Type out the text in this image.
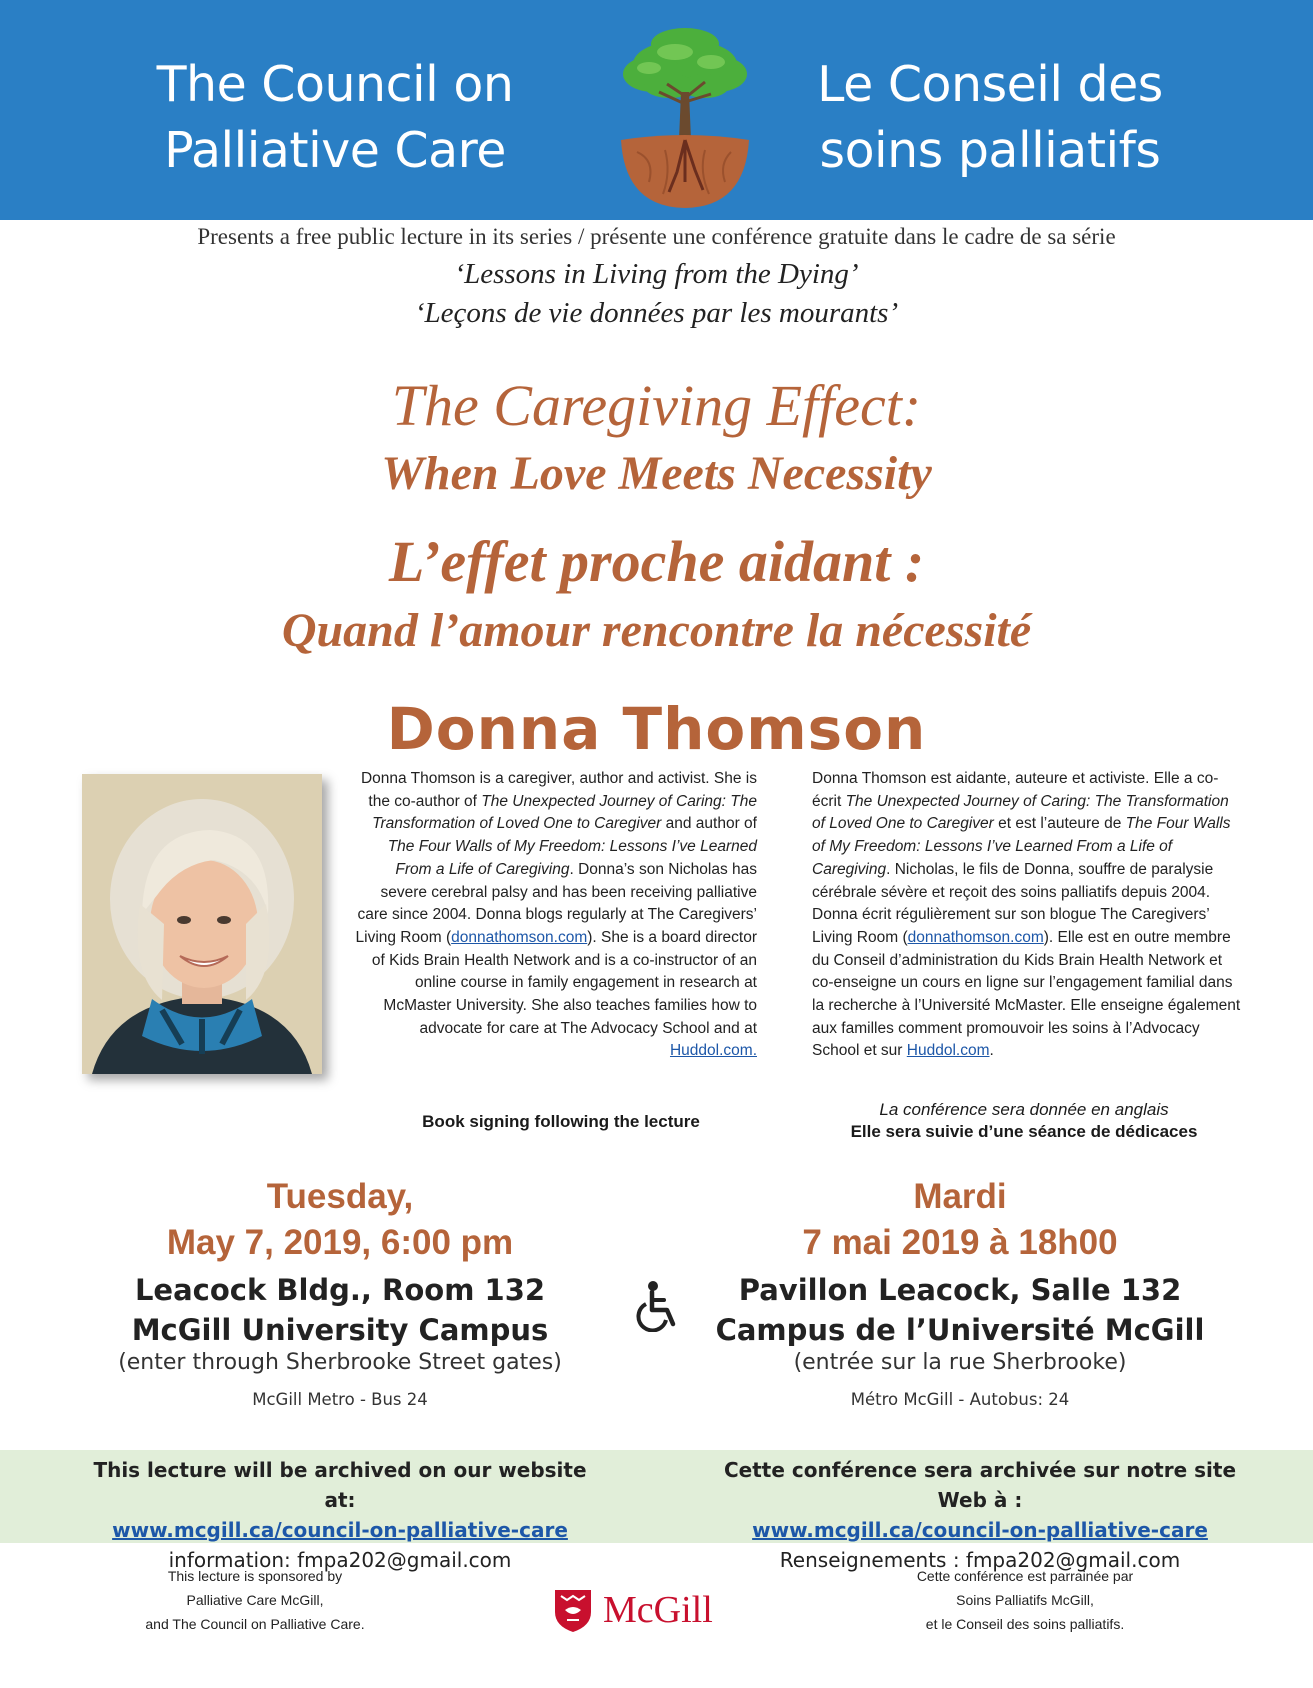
The Council on
Palliative Care
Le Conseil des
soins palliatifs
Presents a free public lecture in its series / présente une conférence gratuite dans le cadre de sa série
‘Lessons in Living from the Dying’
‘Leçons de vie données par les mourants’
The Caregiving Effect:
When Love Meets Necessity
L’effet proche aidant :
Quand l’amour rencontre la nécessité
Donna Thomson

Donna Thomson is a caregiver, author and activist. She is the co-author of The Unexpected Journey of Caring: The Transformation of Loved One to Caregiver and author of The Four Walls of My Freedom: Lessons I’ve Learned From a Life of Caregiving. Donna’s son Nicholas has severe cerebral palsy and has been receiving palliative care since 2004. Donna blogs regularly at The Caregivers’ Living Room (donnathomson.com). She is a board director of Kids Brain Health Network and is a co-instructor of an online course in family engagement in research at McMaster University. She also teaches families how to advocate for care at The Advocacy School and at Huddol.com.

Donna Thomson est aidante, auteure et activiste. Elle a co-écrit The Unexpected Journey of Caring: The Transformation of Loved One to Caregiver et est l’auteure de The Four Walls of My Freedom: Lessons I’ve Learned From a Life of Caregiving. Nicholas, le fils de Donna, souffre de paralysie cérébrale sévère et reçoit des soins palliatifs depuis 2004. Donna écrit régulièrement sur son blogue The Caregivers’ Living Room (donnathomson.com). Elle est en outre membre du Conseil d’administration du Kids Brain Health Network et co-enseigne un cours en ligne sur l’engagement familial dans la recherche à l’Université McMaster. Elle enseigne également aux familles comment promouvoir les soins à l’Advocacy School et sur Huddol.com.

Book signing following the lecture
La conférence sera donnée en anglais
Elle sera suivie d’une séance de dédicaces
Tuesday,
May 7, 2019, 6:00 pm
Mardi
7 mai 2019 à 18h00
Leacock Bldg., Room 132
McGill University Campus
Pavillon Leacock, Salle 132
Campus de l’Université McGill
(enter through Sherbrooke Street gates)	(entrée sur la rue Sherbrooke)
McGill Metro - Bus 24	Métro McGill - Autobus: 24
This lecture will be archived on our website at:
www.mcgill.ca/council-on-palliative-care
information: fmpa202@gmail.com
Cette conférence sera archivée sur notre site Web à :
www.mcgill.ca/council-on-palliative-care
Renseignements : fmpa202@gmail.com
This lecture is sponsored by
Palliative Care McGill,
and The Council on Palliative Care.
Cette conférence est parrainée par
Soins Palliatifs McGill,
et le Conseil des soins palliatifs.
McGill
